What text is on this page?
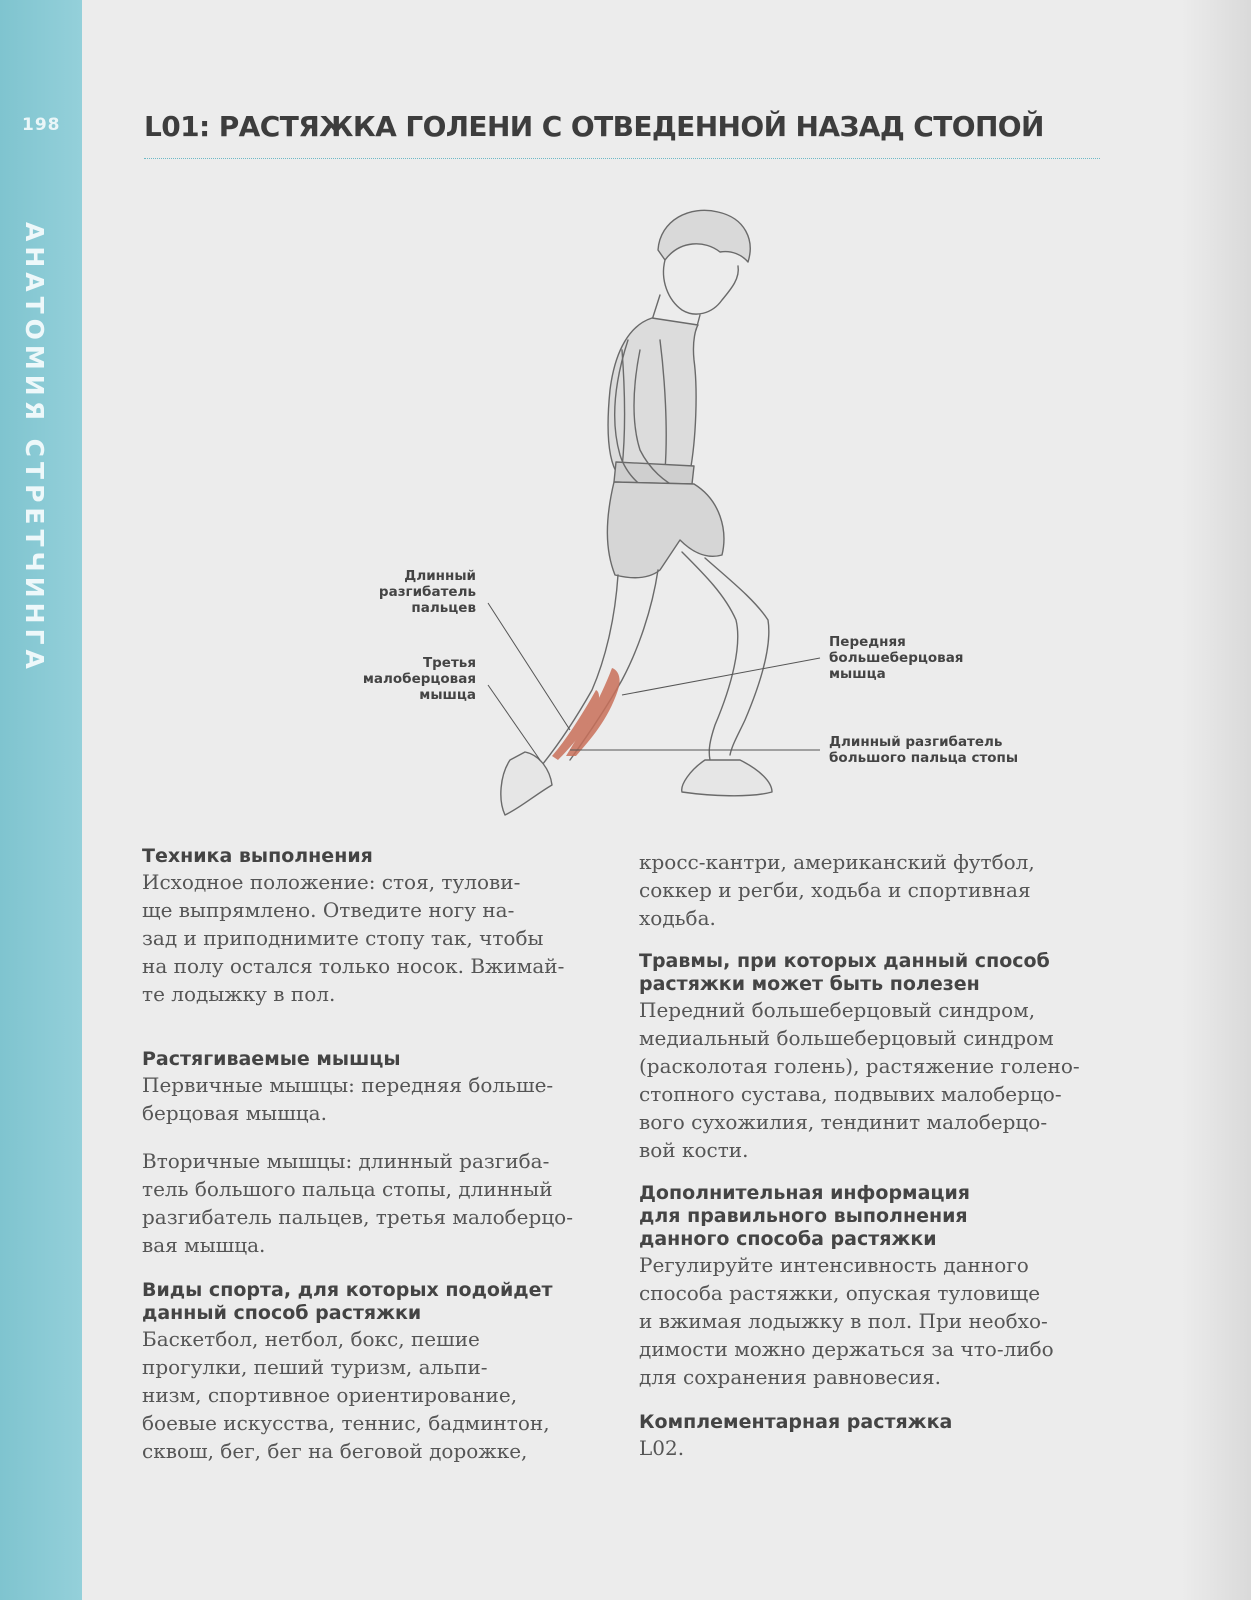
198
АНАТОМИЯ СТРЕТЧИНГА
L01: РАСТЯЖКА ГОЛЕНИ С ОТВЕДЕННОЙ НАЗАД СТОПОЙ
Длинный
разгибатель
пальцев
Третья
малоберцовая
мышца
Передняя
большеберцовая
мышца
Длинный разгибатель
большого пальца стопы

Техника выполнения

Исходное положение: стоя, тулови-

ще выпрямлено. Отведите ногу на-

зад и приподнимите стопу так, чтобы

на полу остался только носок. Вжимай-

те лодыжку в пол.

Растягиваемые мышцы

Первичные мышцы: передняя больше-

берцовая мышца.

Вторичные мышцы: длинный разгиба-

тель большого пальца стопы, длинный

разгибатель пальцев, третья малоберцо-

вая мышца.

Виды спорта, для которых подойдет

данный способ растяжки

Баскетбол, нетбол, бокс, пешие

прогулки, пеший туризм, альпи-

низм, спортивное ориентирование,

боевые искусства, теннис, бадминтон,

сквош, бег, бег на беговой дорожке,

кросс-кантри, американский футбол,

соккер и регби, ходьба и спортивная

ходьба.

Травмы, при которых данный способ

растяжки может быть полезен

Передний большеберцовый синдром,

медиальный большеберцовый синдром

(расколотая голень), растяжение голено-

стопного сустава, подвывих малоберцо-

вого сухожилия, тендинит малоберцо-

вой кости.

Дополнительная информация

для правильного выполнения

данного способа растяжки

Регулируйте интенсивность данного

способа растяжки, опуская туловище

и вжимая лодыжку в пол. При необхо-

димости можно держаться за что-либо

для сохранения равновесия.

Комплементарная растяжка

L02.
